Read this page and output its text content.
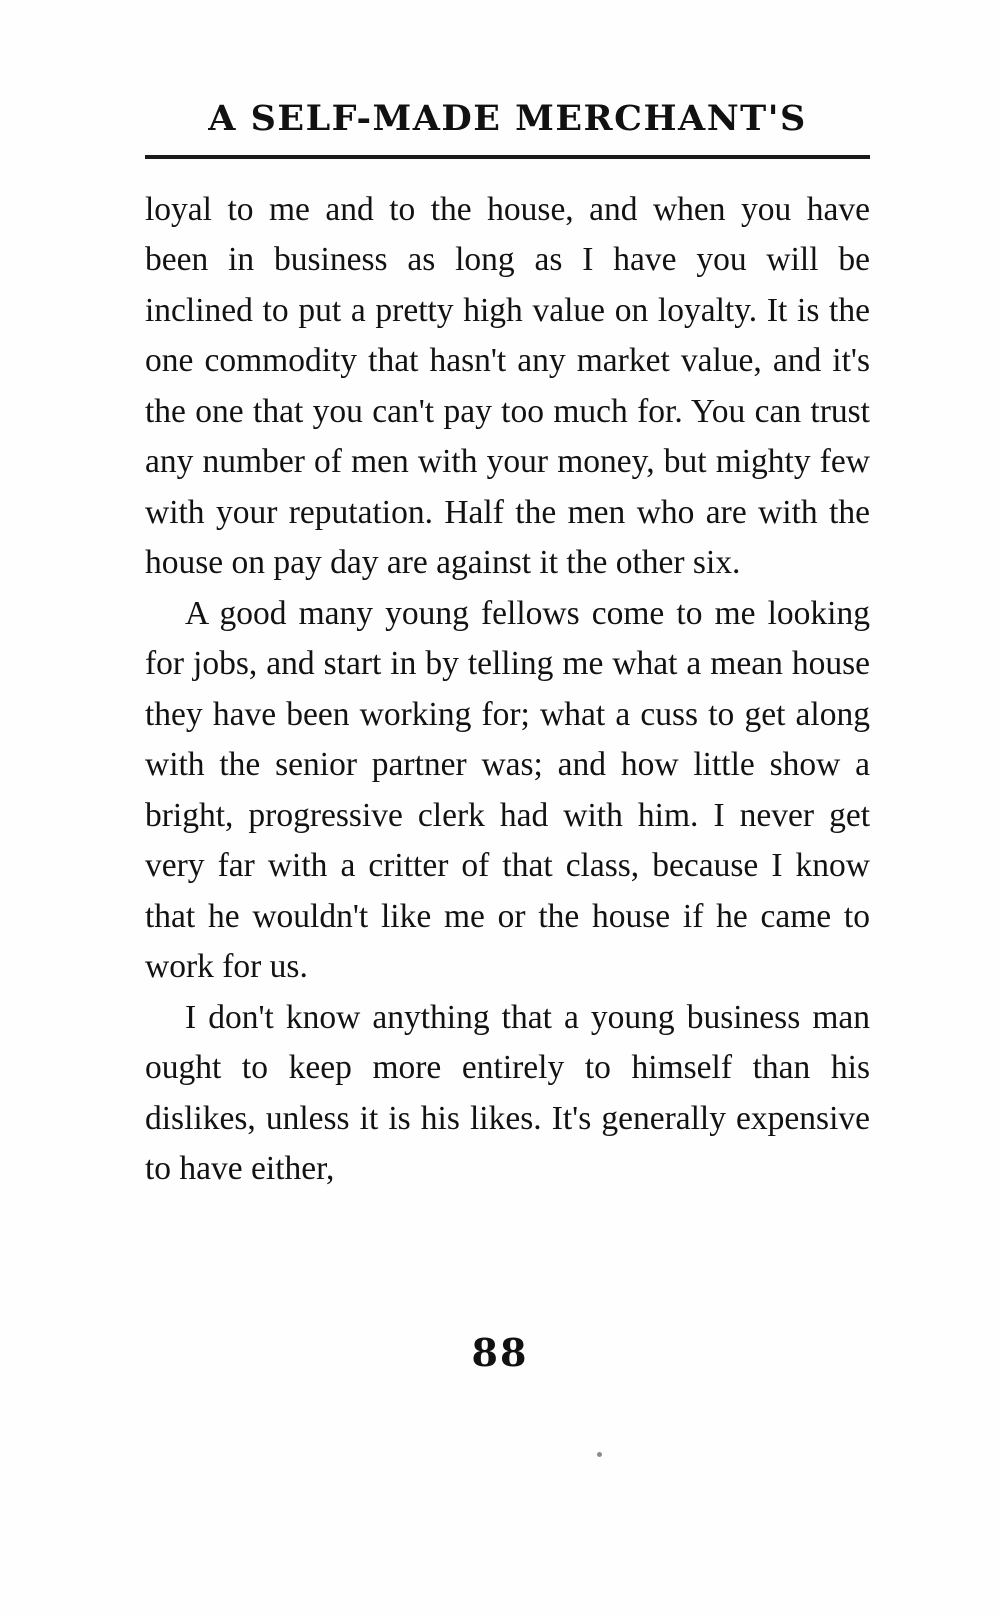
A SELF-MADE MERCHANT'S

loyal to me and to the house, and when you have been in business as long as I have you will be inclined to put a pretty high value on loyalty. It is the one commodity that hasn't any market value, and it's the one that you can't pay too much for. You can trust any number of men with your money, but mighty few with your reputation. Half the men who are with the house on pay day are against it the other six.

A good many young fellows come to me looking for jobs, and start in by telling me what a mean house they have been working for; what a cuss to get along with the senior partner was; and how little show a bright, progressive clerk had with him. I never get very far with a critter of that class, because I know that he wouldn't like me or the house if he came to work for us.

I don't know anything that a young business man ought to keep more entirely to himself than his dislikes, unless it is his likes. It's generally expensive to have either,

88
